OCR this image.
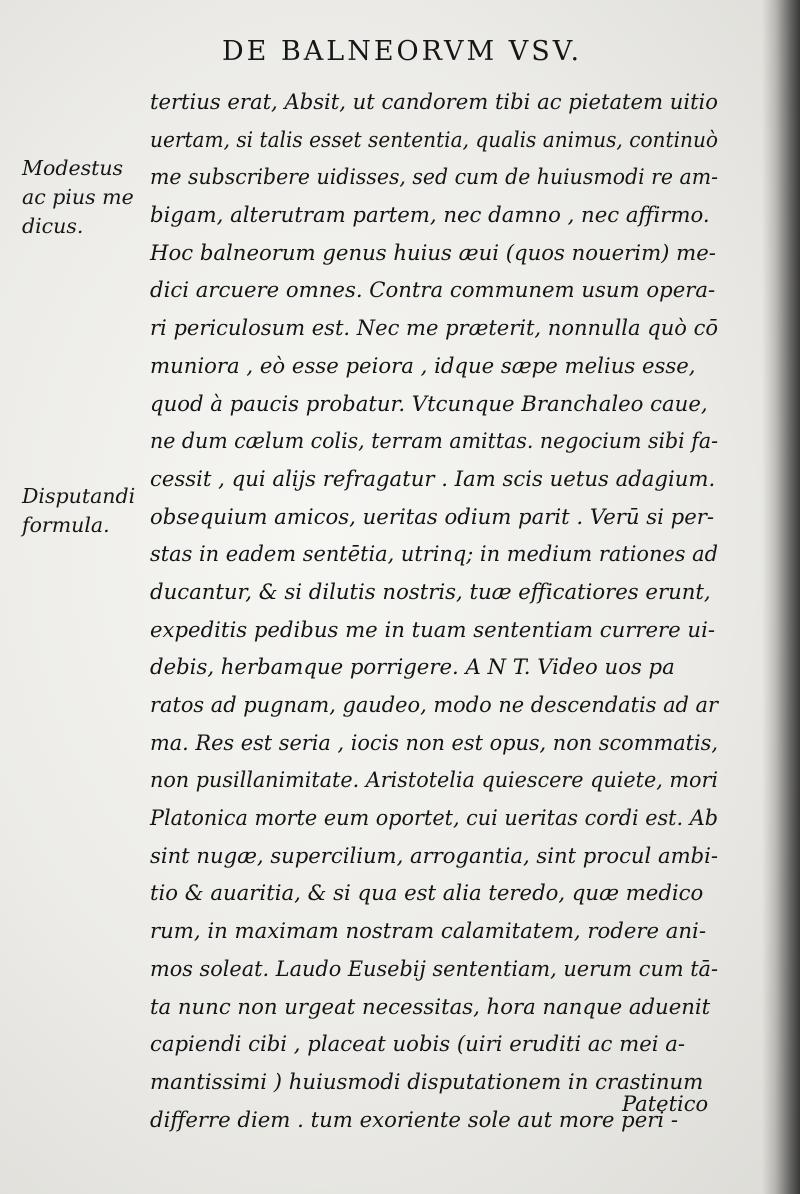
DE BALNEORVM VSV.
Modestus
ac pius me
dicus.
Disputandi
formula.
tertius erat, Absit, ut candorem tibi ac pietatem uitio
uertam, si talis esset sententia, qualis animus, continuò
me subscribere uidisses, sed cum de huiusmodi re am-
bigam, alterutram partem, nec damno , nec affirmo.
Hoc balneorum genus huius æui (quos nouerim) me-
dici arcuere omnes. Contra communem usum opera-
ri periculosum est. Nec me præterit, nonnulla quò cō
muniora , eò esse peiora , idque sæpe melius esse,
quod à paucis probatur. Vtcunque Branchaleo caue,
ne dum cælum colis, terram amittas. negocium sibi fa-
cessit , qui alijs refragatur . Iam scis uetus adagium.
obsequium amicos, ueritas odium parit . Verū si per-
stas in eadem sentētia, utrinq; in medium rationes ad
ducantur, & si dilutis nostris, tuæ efficatiores erunt,
expeditis pedibus me in tuam sententiam currere ui-
debis, herbamque porrigere. A N T. Video uos pa
ratos ad pugnam, gaudeo, modo ne descendatis ad ar
ma. Res est seria , iocis non est opus, non scommatis,
non pusillanimitate. Aristotelia quiescere quiete, mori
Platonica morte eum oportet, cui ueritas cordi est. Ab
sint nugæ, supercilium, arrogantia, sint procul ambi-
tio & auaritia, & si qua est alia teredo, quæ medico
rum, in maximam nostram calamitatem, rodere ani-
mos soleat. Laudo Eusebij sententiam, uerum cum tā-
ta nunc non urgeat necessitas, hora nanque aduenit
capiendi cibi , placeat uobis (uiri eruditi ac mei a-
mantissimi ) huiusmodi disputationem in crastinum
differre diem . tum exoriente sole aut more peri -
Patetico
